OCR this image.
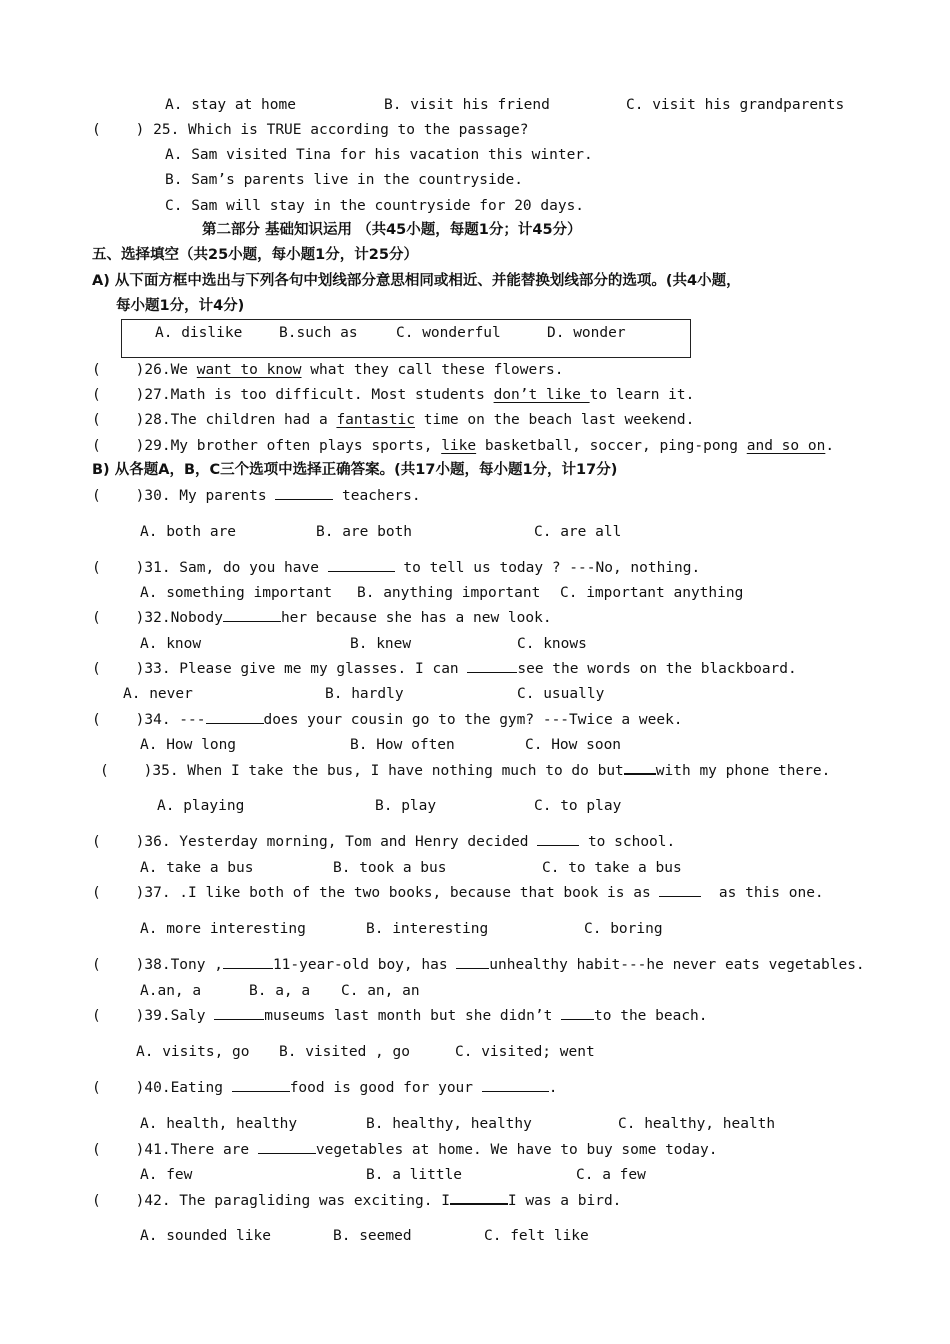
A. stay at home	B. visit his friend	C. visit his grandparents
(    ) 25. Which is TRUE according to the passage?
A. Sam visited Tina for his vacation this winter.
B. Sam’s parents live in the countryside.
C. Sam will stay in the countryside for 20 days.
第二部分 基础知识运用 （共45小题，每题1分；计45分）
五、选择填空（共25小题，每小题1分，计25分）
A) 从下面方框中选出与下列各句中划线部分意思相同或相近、并能替换划线部分的选项。(共4小题，
每小题1分，计4分)
A. dislike	B.such as	C. wonderful	D. wonder
(    )26.We want to know what they call these flowers.
(    )27.Math is too difficult. Most students don’t like to learn it.
(    )28.The children had a fantastic time on the beach last weekend.
(    )29.My brother often plays sports, like basketball, soccer, ping-pong and so on.
B) 从各题A，B，C三个选项中选择正确答案。(共17小题，每小题1分，计17分)
(    )30. My parents	teachers.
A. both are	B. are both	C. are all
(    )31. Sam, do you have	to tell us today ? ---No, nothing.
A. something important B. anything important C. important anything
(    )32.Nobody	her because she has a new look.
A. know	B. knew	C. knows
(    )33. Please give me my glasses. I can	see the words on the blackboard.
A. never	B. hardly	C. usually
(    )34. ---	does your cousin go to the gym? ---Twice a week.
A. How long	B. How often	C. How soon
(    )35. When I take the bus, I have nothing much to do but with my phone there.
A. playing	B. play	C. to play
(    )36. Yesterday morning, Tom and Henry decided	to school.
A. take a bus	B. took a bus	C. to take a bus
(    )37. .I like both of the two books, because that book is as	as this one.
A. more interesting	B. interesting	C. boring
(    )38.Tony ,	11-year-old boy, has unhealthy habit---he never eats vegetables.
A.an, a	B. a, a C. an, an
(    )39.Saly	museums last month but she didn’t to the beach.
A. visits, go B. visited , go	C. visited; went
(    )40.Eating	food is good for your	.
A. health, healthy	B. healthy, healthy	C. healthy, health
(    )41.There are	vegetables at home. We have to buy some today.
A. few	B. a little	C. a few
(    )42. The paragliding was exciting. I	I was a bird.
A. sounded like	B. seemed	C. felt like
